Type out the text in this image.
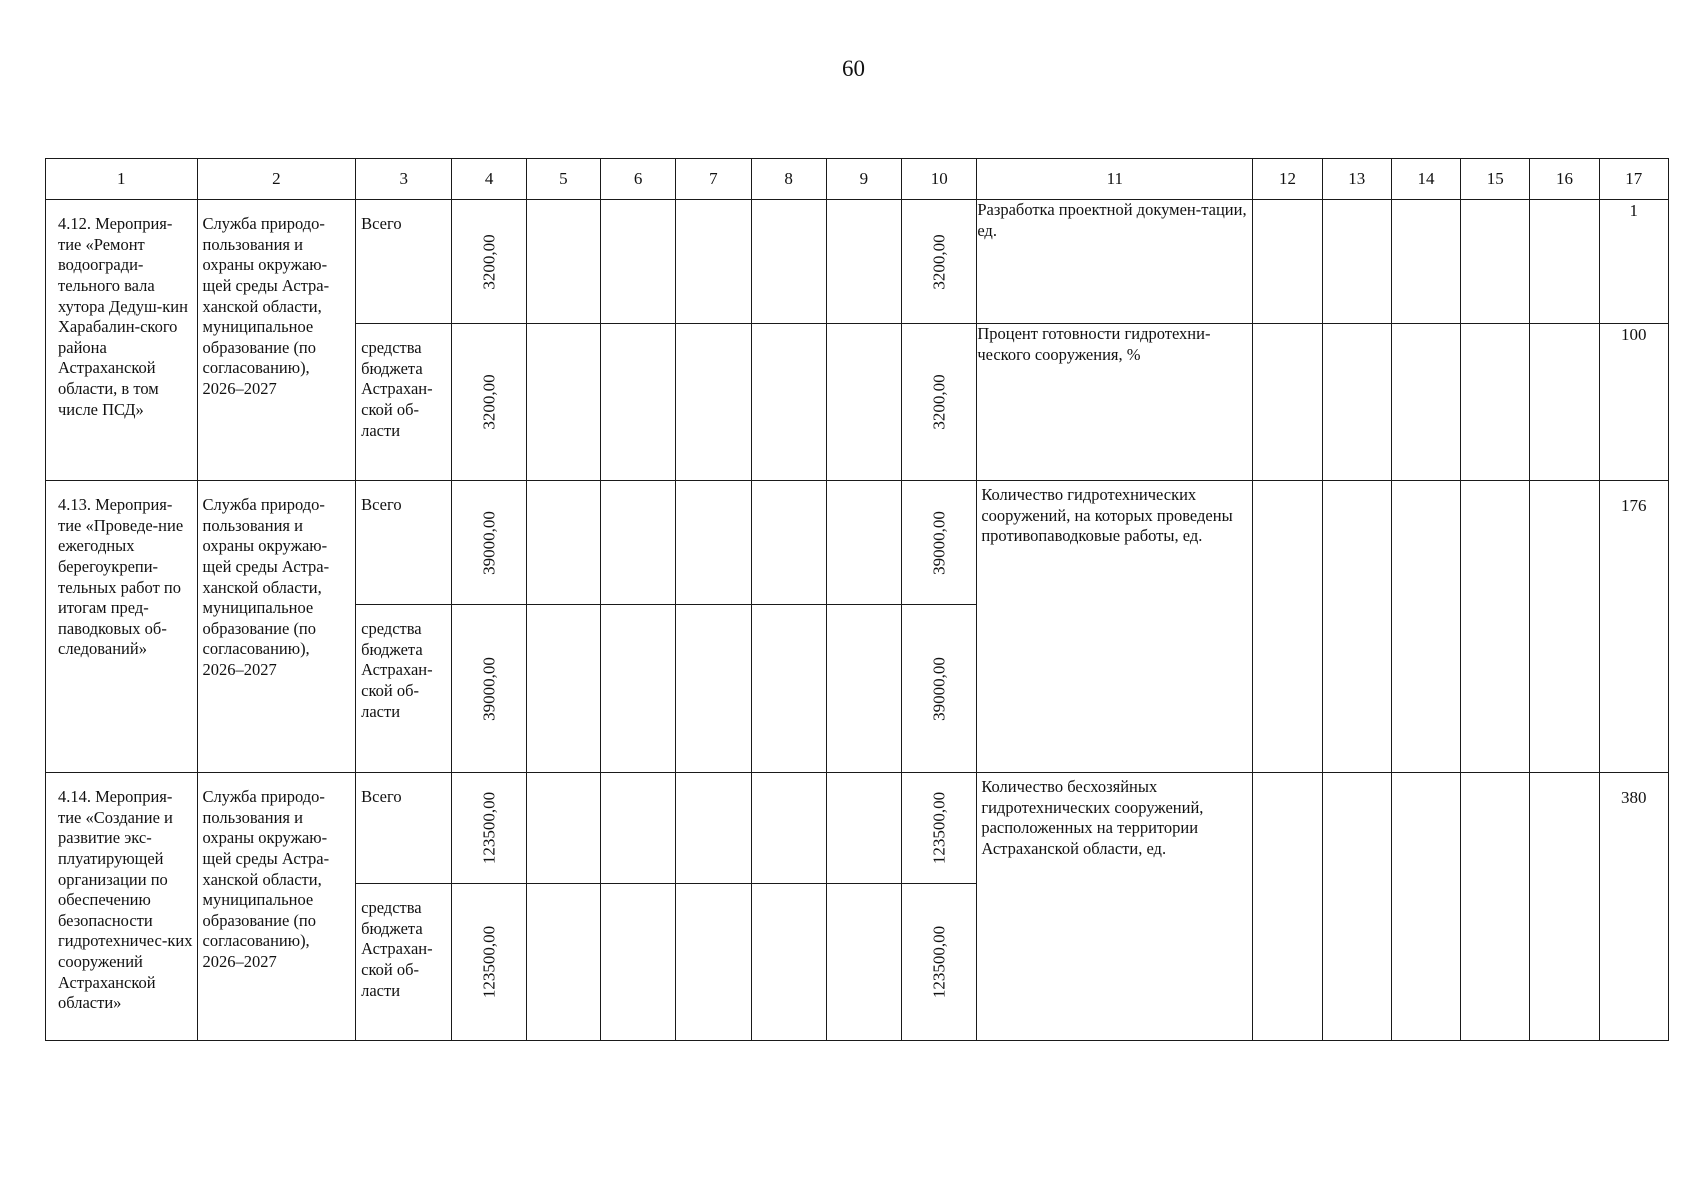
60
1	2	3	4	5	6	7	8	9	10	11	12	13	14	15	16	17

4.12. Мероприя-тие «Ремонт водоогради-тельного вала хутора Дедуш-кин Харабалин-ского района Астраханской области, в том числе ПСД»	Служба природо-пользования и охраны окружаю-щей среды Астра-ханской области, муниципальное образование (по согласованию), 2026–2027	Всего	3200,00						3200,00	Разработка проектной докумен-тации, ед.						1

		средства бюджета Астрахан-ской об-ласти	3200,00						3200,00	Процент готовности гидротехни-ческого сооружения, %						100

4.13. Мероприя-тие «Проведе-ние ежегодных берегоукрепи-тельных работ по итогам пред-паводковых об-следований»	Служба природо-пользования и охраны окружаю-щей среды Астра-ханской области, муниципальное образование (по согласованию), 2026–2027	Всего	39000,00						39000,00	Количество гидротехнических сооружений, на которых проведены противопаводковые работы, ед.						176

		средства бюджета Астрахан-ской об-ласти	39000,00						39000,00							

4.14. Мероприя-тие «Создание и развитие экс-плуатирующей организации по обеспечению безопасности гидротехничес-ких сооружений Астраханской области»	Служба природо-пользования и охраны окружаю-щей среды Астра-ханской области, муниципальное образование (по согласованию), 2026–2027	Всего	123500,00						123500,00	Количество бесхозяйных гидротехнических сооружений, расположенных на территории Астраханской области, ед.						380

		средства бюджета Астрахан-ской об-ласти	123500,00						123500,00							
